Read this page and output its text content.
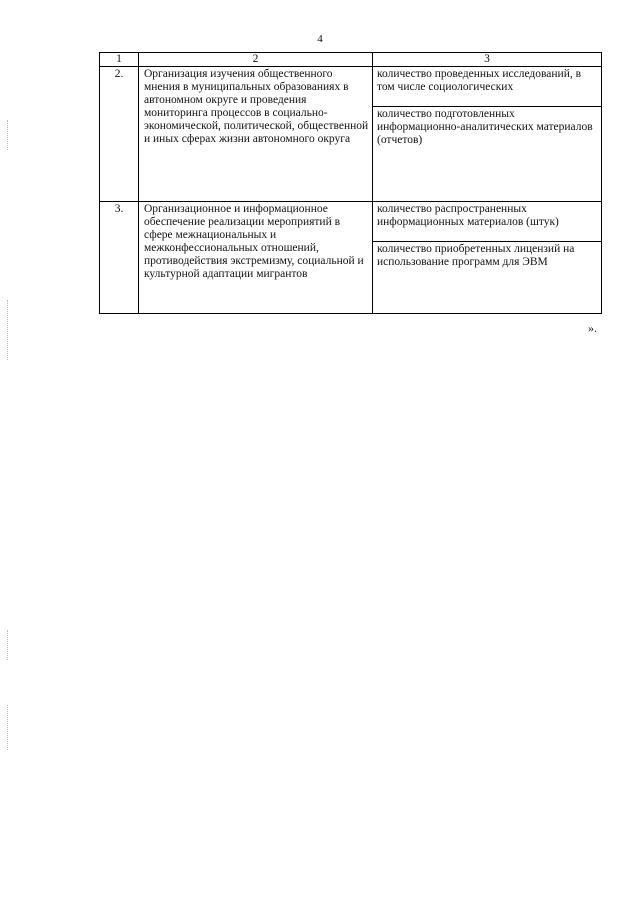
4
1	2	3
2.	Организация изучения общественного мнения в муниципальных образованиях в автономном округе и проведения мониторинга процессов в социально-экономической, политической, общественной и иных сферах жизни автономного округа	количество проведенных исследований, в том числе социологических
количество подготовленных информационно-аналитических материалов (отчетов)

3.	Организационное и информационное обеспечение реализации мероприятий в сфере межнациональных и межконфессиональных отношений, противодействия экстремизму, социальной и культурной адаптации мигрантов	количество распространенных информационных материалов (штук)
количество приобретенных лицензий на использование программ для ЭВМ
».
